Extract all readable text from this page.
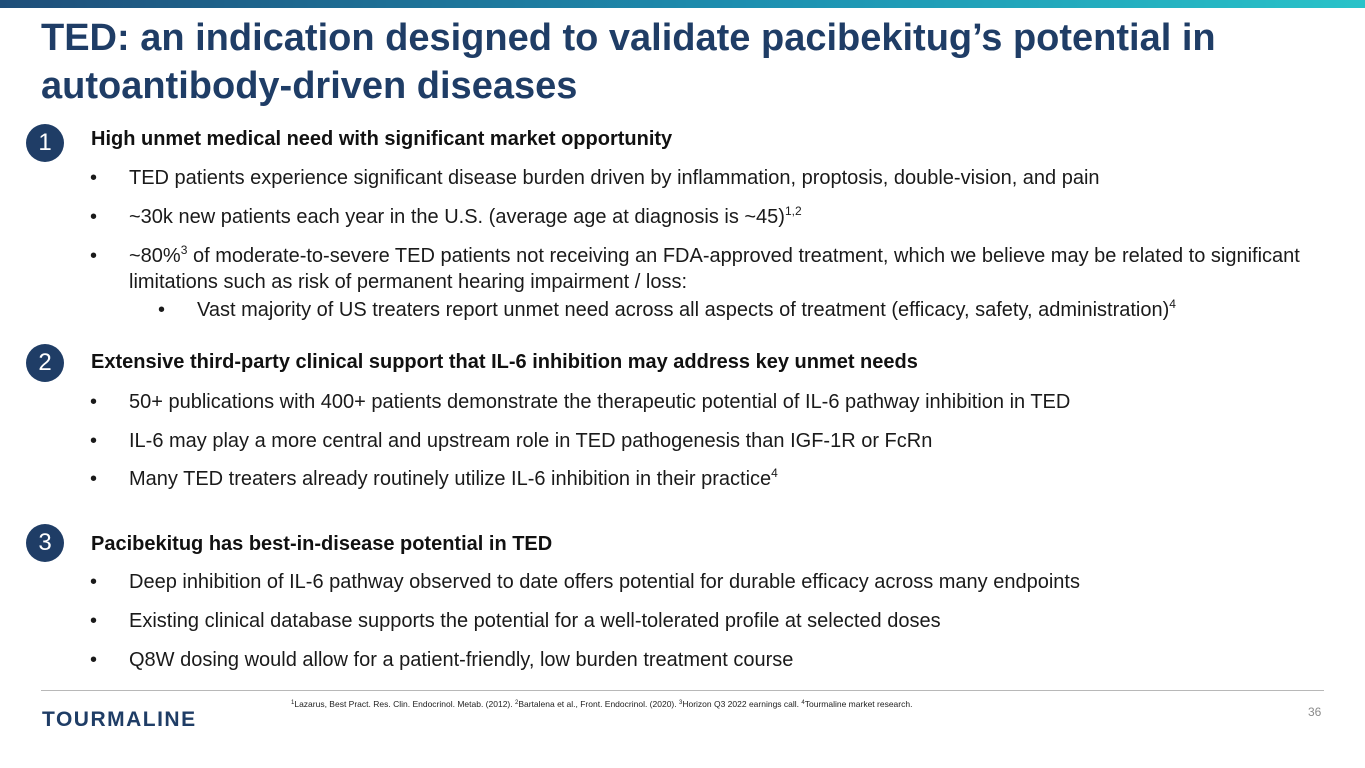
TED: an indication designed to validate pacibekitug’s potential in autoantibody-driven diseases
1	High unmet medical need with significant market opportunity
• TED patients experience significant disease burden driven by inflammation, proptosis, double-vision, and pain
• ~30k new patients each year in the U.S. (average age at diagnosis is ~45)$^{1,2}$
• ~80%$^3$ of moderate-to-severe TED patients not receiving an FDA-approved treatment, which we believe may be related to significant limitations such as risk of permanent hearing impairment / loss:
• Vast majority of US treaters report unmet need across all aspects of treatment (efficacy, safety, administration)$^4$
2	Extensive third-party clinical support that IL-6 inhibition may address key unmet needs
• 50+ publications with 400+ patients demonstrate the therapeutic potential of IL-6 pathway inhibition in TED
• IL-6 may play a more central and upstream role in TED pathogenesis than IGF-1R or FcRn
• Many TED treaters already routinely utilize IL-6 inhibition in their practice$^4$
3	Pacibekitug has best-in-disease potential in TED
• Deep inhibition of IL-6 pathway observed to date offers potential for durable efficacy across many endpoints
• Existing clinical database supports the potential for a well-tolerated profile at selected doses
• Q8W dosing would allow for a patient-friendly, low burden treatment course
$^1$Lazarus, Best Pract. Res. Clin. Endocrinol. Metab. (2012). $^2$Bartalena et al., Front. Endocrinol. (2020). $^3$Horizon Q3 2022 earnings call. $^4$Tourmaline market research.
TOURMALINE	36
